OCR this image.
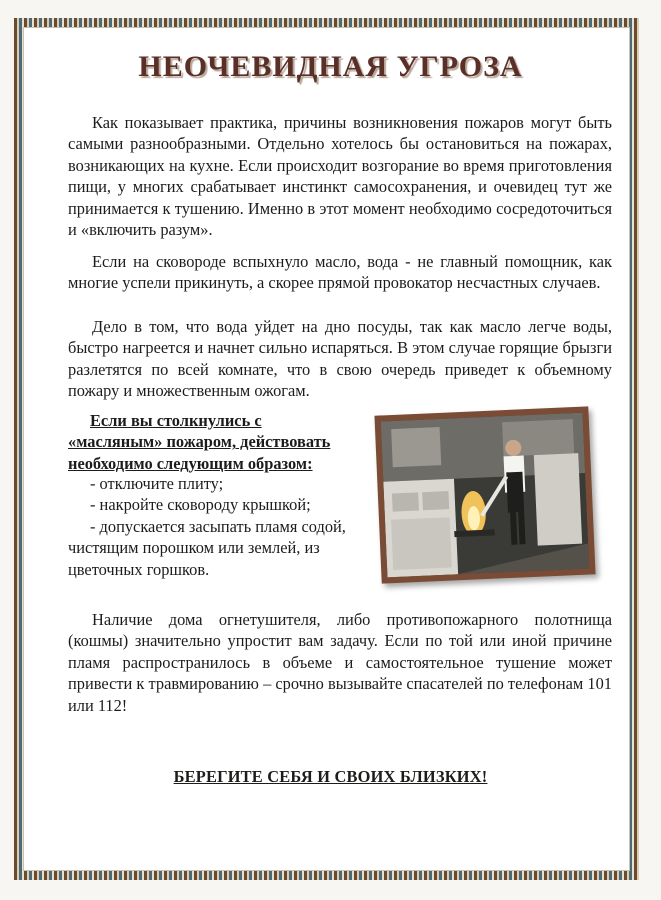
НЕОЧЕВИДНАЯ УГРОЗА

Как показывает практика, причины возникновения пожаров могут быть самыми разнообразными. Отдельно хотелось бы остановиться на пожарах, возникающих на кухне. Если происходит возгорание во время приготовления пищи, у многих срабатывает инстинкт самосохранения, и очевидец тут же принимается к тушению. Именно в этот момент необходимо сосредоточиться и «включить разум».

Если на сковороде вспыхнуло масло, вода - не главный помощник, как многие успели прикинуть, а скорее прямой провокатор несчастных случаев.

Дело в том, что вода уйдет на дно посуды, так как масло легче воды, быстро нагреется и начнет сильно испаряться. В этом случае горящие брызги разлетятся по всей комнате, что в свою очередь приведет к объемному пожару и множественным ожогам.

Если вы столкнулись с
«масляным» пожаром, действовать
необходимо следующим образом:
- отключите плиту;
- накройте сковороду крышкой;
- допускается засыпать пламя содой, чистящим порошком или землей, из цветочных горшков.

Наличие дома огнетушителя, либо противопожарного полотнища (кошмы) значительно упростит вам задачу. Если по той или иной причине пламя распространилось в объеме и самостоятельное тушение может привести к травмированию – срочно вызывайте спасателей по телефонам 101 или 112!

БЕРЕГИТЕ СЕБЯ И СВОИХ БЛИЗКИХ!
